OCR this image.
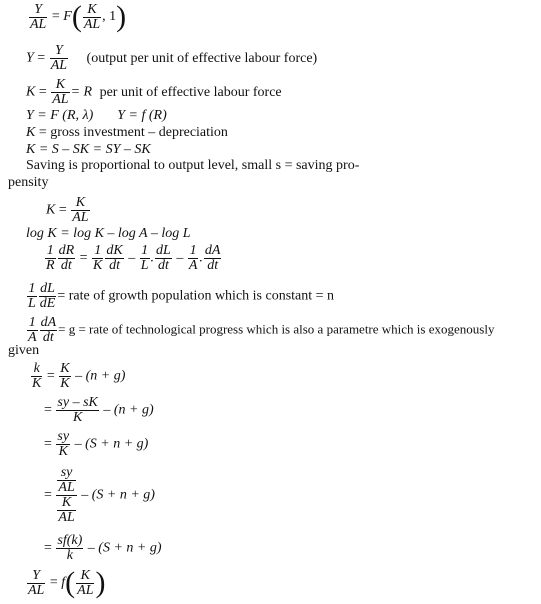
$\frac{Y}{AL} = F( \frac{K}{AL}$ , 1)
$Y = \frac{Y}{AL}$ (output per unit of effective labour force)
$K = \frac{K}{AL} = R$ per unit of effective labour force
Y = F (R, λ) Y = f (R)
K = gross investment – depreciation
K = S – SK = SY – SK
Saving is proportional to output level, small s = saving pro-
pensity
$K = \frac{K}{AL}$
log K = log K – log A – log L
$\frac{1}{R} \frac{dR}{dt} = \frac{1}{K} \frac{dK}{dt} - \frac{1}{L}$ . $\frac{dL}{dt} - \frac{1}{A}$ . $\frac{dA}{dt}$
$\frac{1}{L} \frac{dL}{dE}$ = rate of growth population which is constant = n
$\frac{1}{A} \frac{dA}{dt} = g$ = rate of technological progress which is also a parametre which is exogenously
given
$\frac{k}{K} = \frac{K}{K} - (n + g)$
= $\frac{sy - sK}{K} - (n + g)$
= $\frac{sy}{K} - (S + n + g)$
= $\frac{\frac{sy}{AL}}{\frac{K}{AL}} - (S + n + g)$
= $\frac{sf(k)}{k} - (S + n + g)$
$\frac{Y}{AL} = f( \frac{K}{AL}$ )
